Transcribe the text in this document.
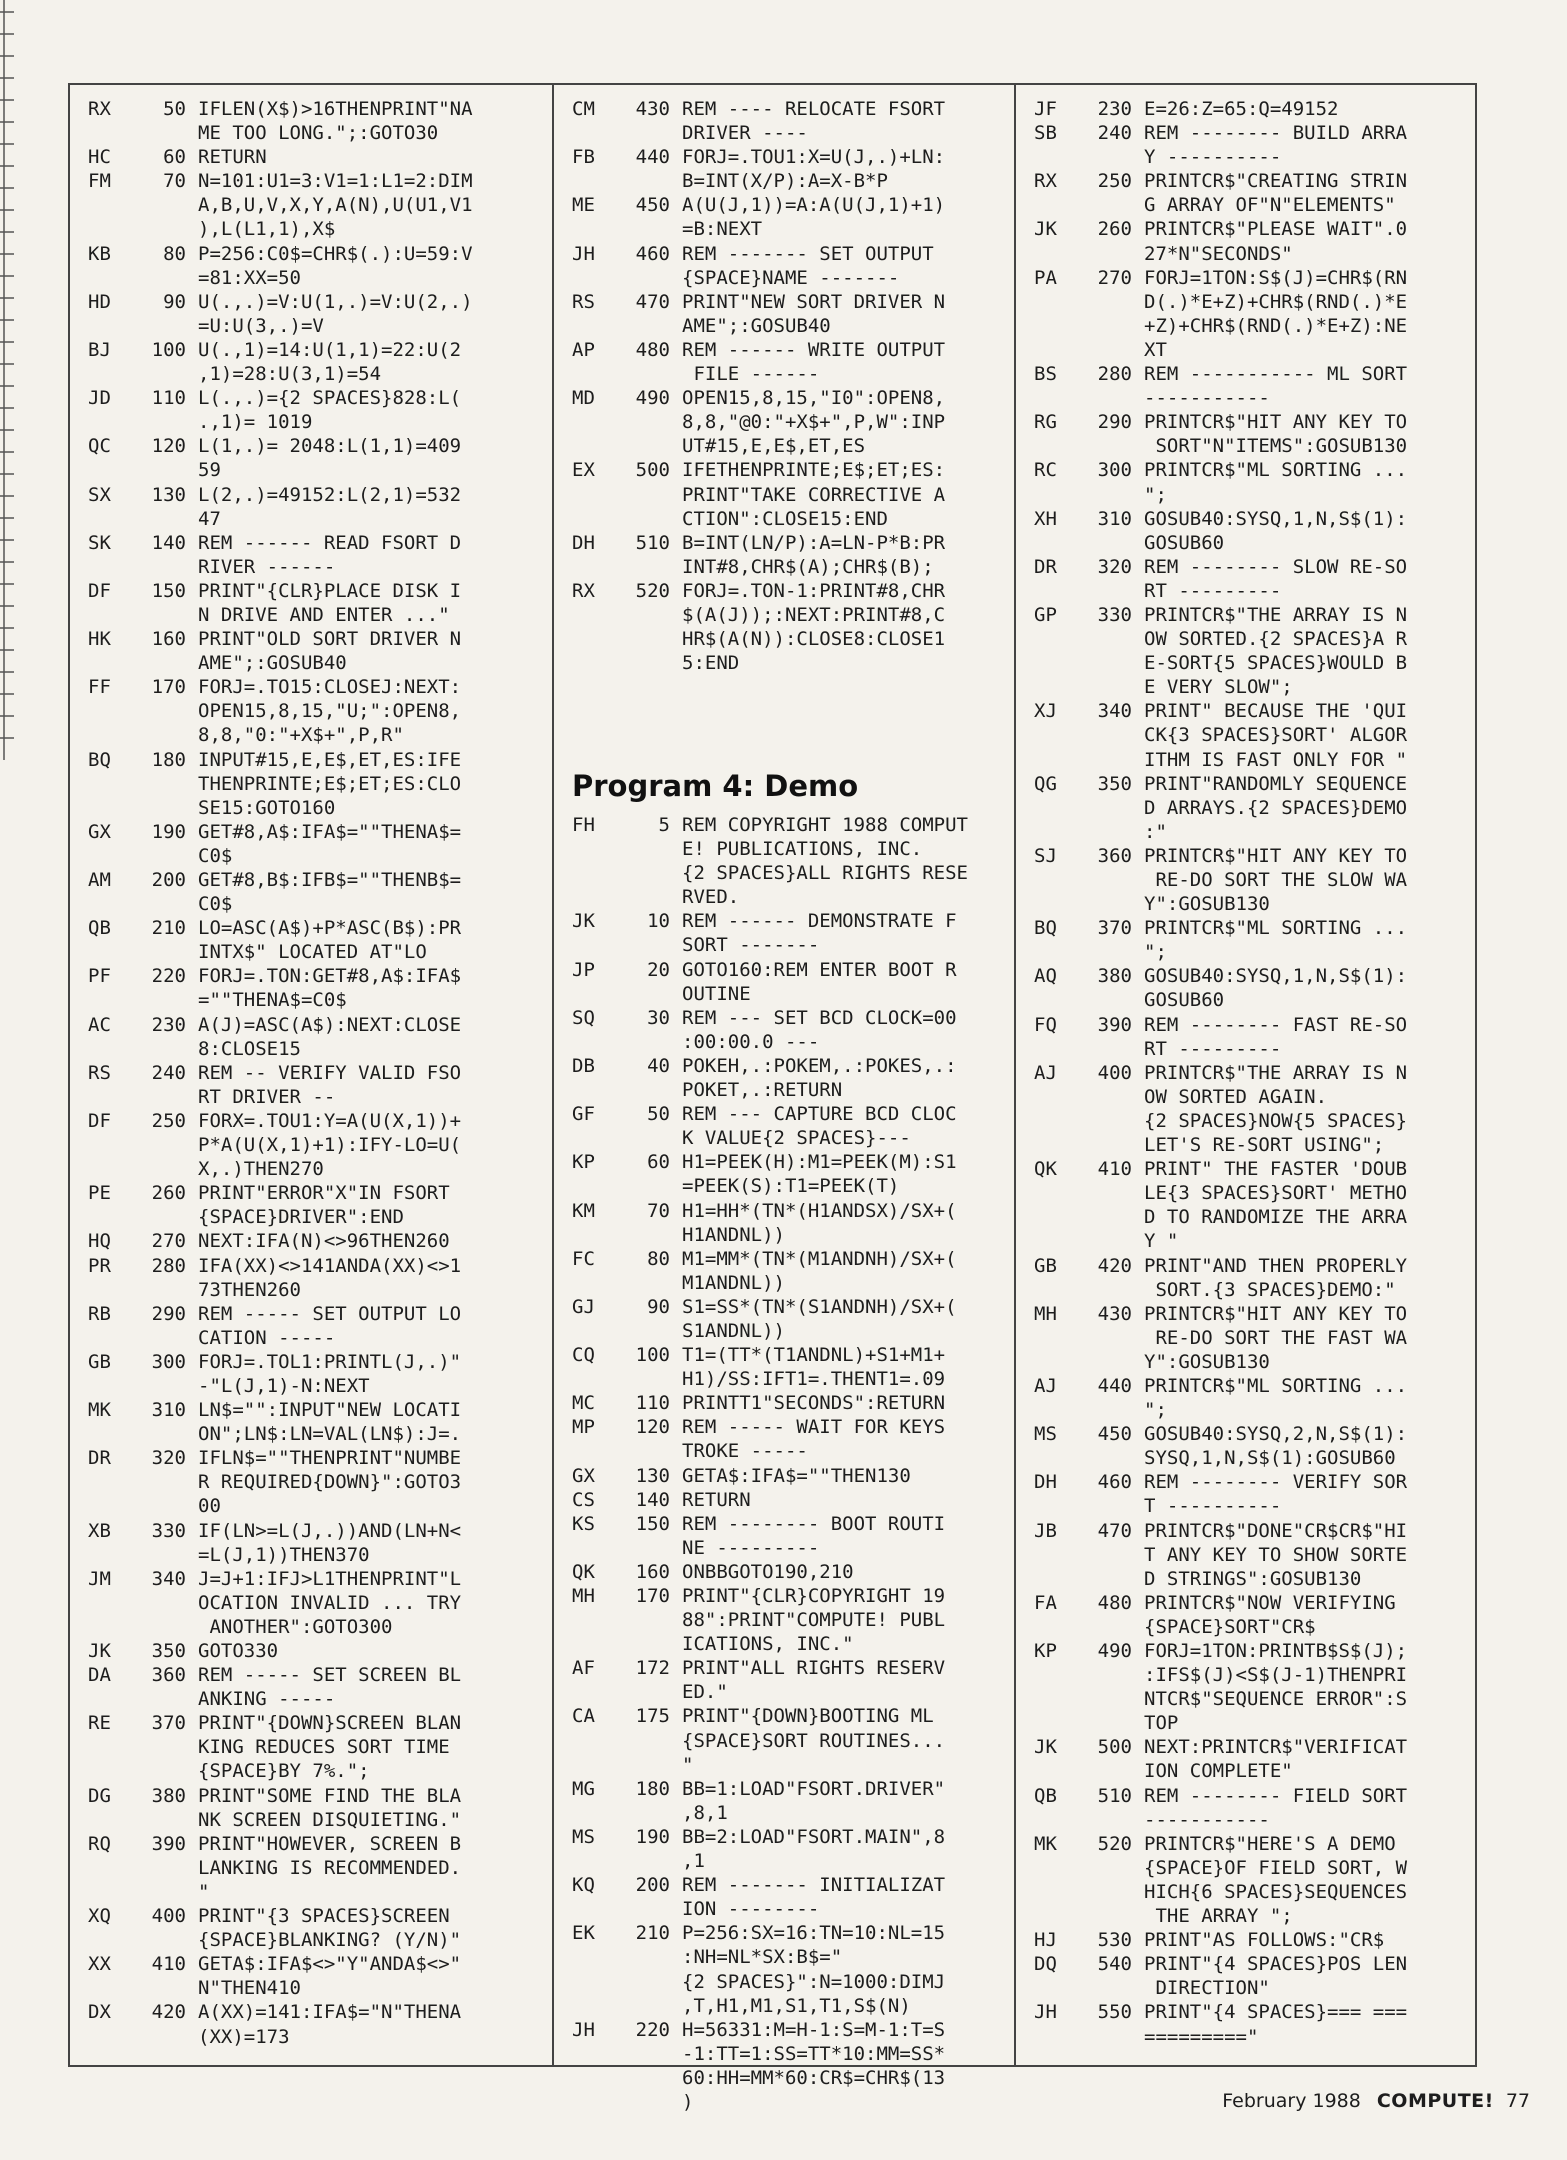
RX	50 IFLEN(X$)>16THENPRINT"NA
ME TOO LONG.";:GOTO30
HC	60 RETURN
FM	70 N=101:U1=3:V1=1:L1=2:DIM
A,B,U,V,X,Y,A(N),U(U1,V1
),L(L1,1),X$
KB	80 P=256:C0$=CHR$(.):U=59:V
=81:XX=50
HD	90 U(.,.)=V:U(1,.)=V:U(2,.)
=U:U(3,.)=V
BJ	100 U(.,1)=14:U(1,1)=22:U(2
,1)=28:U(3,1)=54
JD	110 L(.,.)={2 SPACES}828:L(
.,1)= 1019
QC	120 L(1,.)= 2048:L(1,1)=409
59
SX	130 L(2,.)=49152:L(2,1)=532
47
SK	140 REM ------ READ FSORT D
RIVER ------
DF	150 PRINT"{CLR}PLACE DISK I
N DRIVE AND ENTER ..."
HK	160 PRINT"OLD SORT DRIVER N
AME";:GOSUB40
FF	170 FORJ=.TO15:CLOSEJ:NEXT:
OPEN15,8,15,"U;":OPEN8,
8,8,"0:"+X$+",P,R"
BQ	180 INPUT#15,E,E$,ET,ES:IFE
THENPRINTE;E$;ET;ES:CLO
SE15:GOTO160
GX	190 GET#8,A$:IFA$=""THENA$=
C0$
AM	200 GET#8,B$:IFB$=""THENB$=
C0$
QB	210 LO=ASC(A$)+P*ASC(B$):PR
INTX$" LOCATED AT"LO
PF	220 FORJ=.TON:GET#8,A$:IFA$
=""THENA$=C0$
AC	230 A(J)=ASC(A$):NEXT:CLOSE
8:CLOSE15
RS	240 REM -- VERIFY VALID FSO
RT DRIVER --
DF	250 FORX=.TOU1:Y=A(U(X,1))+
P*A(U(X,1)+1):IFY-LO=U(
X,.)THEN270
PE	260 PRINT"ERROR"X"IN FSORT
{SPACE}DRIVER":END
HQ	270 NEXT:IFA(N)<>96THEN260
PR	280 IFA(XX)<>141ANDA(XX)<>1
73THEN260
RB	290 REM ----- SET OUTPUT LO
CATION -----
GB	300 FORJ=.TOL1:PRINTL(J,.)"
-"L(J,1)-N:NEXT
MK	310 LN$="":INPUT"NEW LOCATI
ON";LN$:LN=VAL(LN$):J=.
DR	320 IFLN$=""THENPRINT"NUMBE
R REQUIRED{DOWN}":GOTO3
00
XB	330 IF(LN>=L(J,.))AND(LN+N<
=L(J,1))THEN370
JM	340 J=J+1:IFJ>L1THENPRINT"L
OCATION INVALID ... TRY
ANOTHER":GOTO300
JK	350 GOTO330
DA	360 REM ----- SET SCREEN BL
ANKING -----
RE	370 PRINT"{DOWN}SCREEN BLAN
KING REDUCES SORT TIME
{SPACE}BY 7%.";
DG	380 PRINT"SOME FIND THE BLA
NK SCREEN DISQUIETING."
RQ	390 PRINT"HOWEVER, SCREEN B
LANKING IS RECOMMENDED.
"
XQ	400 PRINT"{3 SPACES}SCREEN
{SPACE}BLANKING? (Y/N)"
XX	410 GETA$:IFA$<>"Y"ANDA$<>"
N"THEN410
DX	420 A(XX)=141:IFA$="N"THENA
(XX)=173
CM	430 REM ---- RELOCATE FSORT
DRIVER ----
FB	440 FORJ=.TOU1:X=U(J,.)+LN:
B=INT(X/P):A=X-B*P
ME	450 A(U(J,1))=A:A(U(J,1)+1)
=B:NEXT
JH	460 REM ------- SET OUTPUT
{SPACE}NAME -------
RS	470 PRINT"NEW SORT DRIVER N
AME";:GOSUB40
AP	480 REM ------ WRITE OUTPUT
FILE ------
MD	490 OPEN15,8,15,"I0":OPEN8,
8,8,"@0:"+X$+",P,W":INP
UT#15,E,E$,ET,ES
EX	500 IFETHENPRINTE;E$;ET;ES:
PRINT"TAKE CORRECTIVE A
CTION":CLOSE15:END
DH	510 B=INT(LN/P):A=LN-P*B:PR
INT#8,CHR$(A);CHR$(B);
RX	520 FORJ=.TON-1:PRINT#8,CHR
$(A(J));:NEXT:PRINT#8,C
HR$(A(N)):CLOSE8:CLOSE1
5:END
Program 4: Demo
FH	5 REM COPYRIGHT 1988 COMPUT
E! PUBLICATIONS, INC.
{2 SPACES}ALL RIGHTS RESE
RVED.
JK	10 REM ------ DEMONSTRATE F
SORT -------
JP	20 GOTO160:REM ENTER BOOT R
OUTINE
SQ	30 REM --- SET BCD CLOCK=00
:00:00.0 ---
DB	40 POKEH,.:POKEM,.:POKES,.:
POKET,.:RETURN
GF	50 REM --- CAPTURE BCD CLOC
K VALUE{2 SPACES}---
KP	60 H1=PEEK(H):M1=PEEK(M):S1
=PEEK(S):T1=PEEK(T)
KM	70 H1=HH*(TN*(H1ANDSX)/SX+(
H1ANDNL))
FC	80 M1=MM*(TN*(M1ANDNH)/SX+(
M1ANDNL))
GJ	90 S1=SS*(TN*(S1ANDNH)/SX+(
S1ANDNL))
CQ	100 T1=(TT*(T1ANDNL)+S1+M1+
H1)/SS:IFT1=.THENT1=.09
MC	110 PRINTT1"SECONDS":RETURN
MP	120 REM ----- WAIT FOR KEYS
TROKE -----
GX	130 GETA$:IFA$=""THEN130
CS	140 RETURN
KS	150 REM -------- BOOT ROUTI
NE ---------
QK	160 ONBBGOTO190,210
MH	170 PRINT"{CLR}COPYRIGHT 19
88":PRINT"COMPUTE! PUBL
ICATIONS, INC."
AF	172 PRINT"ALL RIGHTS RESERV
ED."
CA	175 PRINT"{DOWN}BOOTING ML
{SPACE}SORT ROUTINES...
"
MG	180 BB=1:LOAD"FSORT.DRIVER"
,8,1
MS	190 BB=2:LOAD"FSORT.MAIN",8
,1
KQ	200 REM ------- INITIALIZAT
ION --------
EK	210 P=256:SX=16:TN=10:NL=15
:NH=NL*SX:B$="
{2 SPACES}":N=1000:DIMJ
,T,H1,M1,S1,T1,S$(N)
JH	220 H=56331:M=H-1:S=M-1:T=S
-1:TT=1:SS=TT*10:MM=SS*
60:HH=MM*60:CR$=CHR$(13
)
JF	230 E=26:Z=65:Q=49152
SB	240 REM -------- BUILD ARRA
Y ----------
RX	250 PRINTCR$"CREATING STRIN
G ARRAY OF"N"ELEMENTS"
JK	260 PRINTCR$"PLEASE WAIT".0
27*N"SECONDS"
PA	270 FORJ=1TON:S$(J)=CHR$(RN
D(.)*E+Z)+CHR$(RND(.)*E
+Z)+CHR$(RND(.)*E+Z):NE
XT
BS	280 REM ----------- ML SORT
-----------
RG	290 PRINTCR$"HIT ANY KEY TO
SORT"N"ITEMS":GOSUB130
RC	300 PRINTCR$"ML SORTING ...
";
XH	310 GOSUB40:SYSQ,1,N,S$(1):
GOSUB60
DR	320 REM -------- SLOW RE-SO
RT ---------
GP	330 PRINTCR$"THE ARRAY IS N
OW SORTED.{2 SPACES}A R
E-SORT{5 SPACES}WOULD B
E VERY SLOW";
XJ	340 PRINT" BECAUSE THE 'QUI
CK{3 SPACES}SORT' ALGOR
ITHM IS FAST ONLY FOR "
QG	350 PRINT"RANDOMLY SEQUENCE
D ARRAYS.{2 SPACES}DEMO
:"
SJ	360 PRINTCR$"HIT ANY KEY TO
RE-DO SORT THE SLOW WA
Y":GOSUB130
BQ	370 PRINTCR$"ML SORTING ...
";
AQ	380 GOSUB40:SYSQ,1,N,S$(1):
GOSUB60
FQ	390 REM -------- FAST RE-SO
RT ---------
AJ	400 PRINTCR$"THE ARRAY IS N
OW SORTED AGAIN.
{2 SPACES}NOW{5 SPACES}
LET'S RE-SORT USING";
QK	410 PRINT" THE FASTER 'DOUB
LE{3 SPACES}SORT' METHO
D TO RANDOMIZE THE ARRA
Y "
GB	420 PRINT"AND THEN PROPERLY
SORT.{3 SPACES}DEMO:"
MH	430 PRINTCR$"HIT ANY KEY TO
RE-DO SORT THE FAST WA
Y":GOSUB130
AJ	440 PRINTCR$"ML SORTING ...
";
MS	450 GOSUB40:SYSQ,2,N,S$(1):
SYSQ,1,N,S$(1):GOSUB60
DH	460 REM -------- VERIFY SOR
T ----------
JB	470 PRINTCR$"DONE"CR$CR$"HI
T ANY KEY TO SHOW SORTE
D STRINGS":GOSUB130
FA	480 PRINTCR$"NOW VERIFYING
{SPACE}SORT"CR$
KP	490 FORJ=1TON:PRINTB$S$(J);
:IFS$(J)<S$(J-1)THENPRI
NTCR$"SEQUENCE ERROR":S
TOP
JK	500 NEXT:PRINTCR$"VERIFICAT
ION COMPLETE"
QB	510 REM -------- FIELD SORT
-----------
MK	520 PRINTCR$"HERE'S A DEMO
{SPACE}OF FIELD SORT, W
HICH{6 SPACES}SEQUENCES
THE ARRAY ";
HJ	530 PRINT"AS FOLLOWS:"CR$
DQ	540 PRINT"{4 SPACES}POS LEN
DIRECTION"
JH	550 PRINT"{4 SPACES}=== ===
========="
February 1988 COMPUTE! 77
